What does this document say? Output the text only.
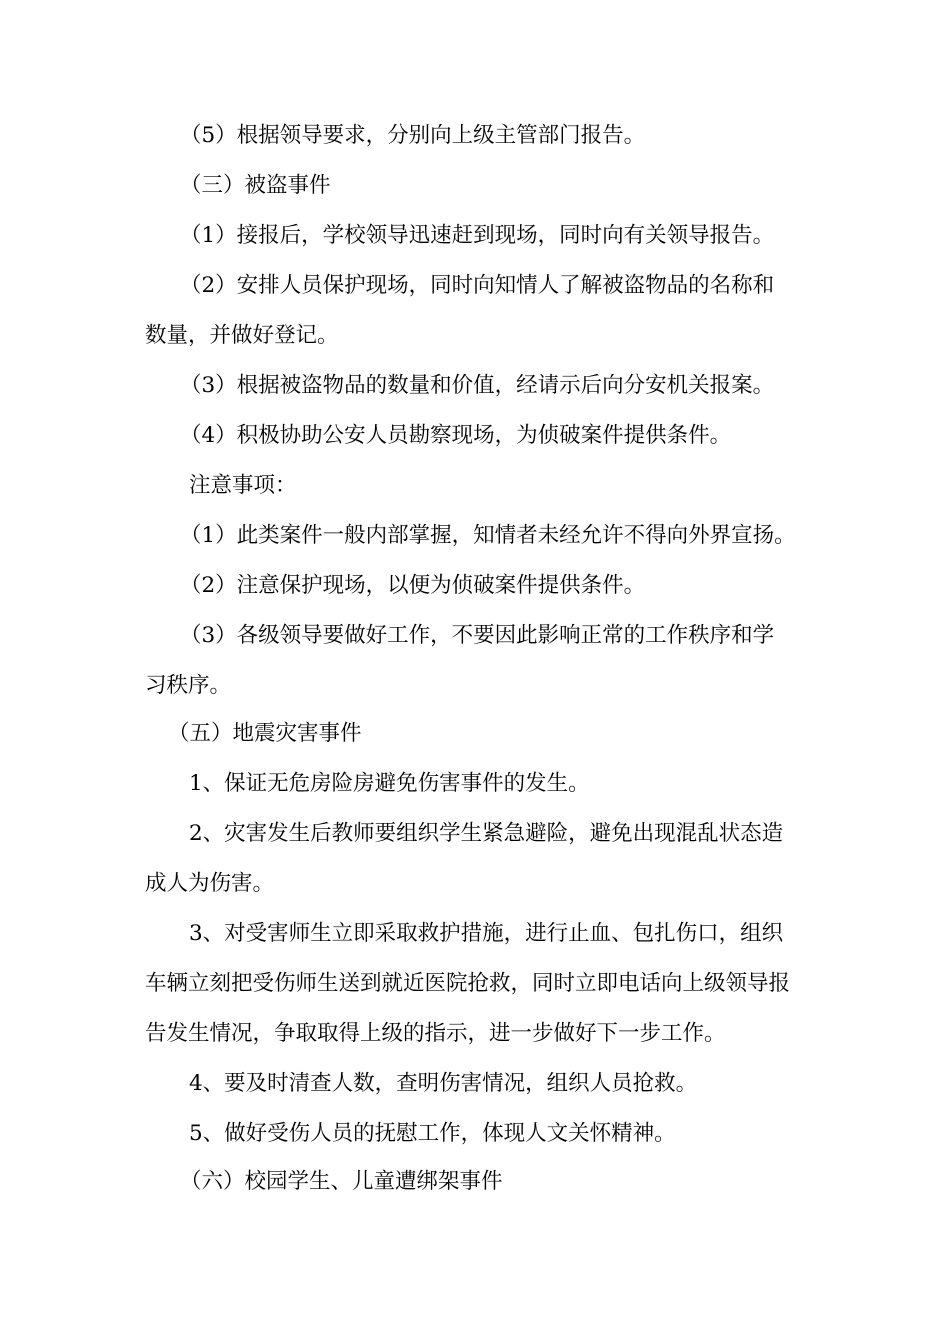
（5）根据领导要求，分别向上级主管部门报告。
（三）被盗事件
（1）接报后，学校领导迅速赶到现场，同时向有关领导报告。
（2）安排人员保护现场，同时向知情人了解被盗物品的名称和
数量，并做好登记。
（3）根据被盗物品的数量和价值，经请示后向分安机关报案。
（4）积极协助公安人员勘察现场，为侦破案件提供条件。
注意事项：
（1）此类案件一般内部掌握，知情者未经允许不得向外界宣扬。
（2）注意保护现场，以便为侦破案件提供条件。
（3）各级领导要做好工作，不要因此影响正常的工作秩序和学
习秩序。
（五）地震灾害事件
1、保证无危房险房避免伤害事件的发生。
2、灾害发生后教师要组织学生紧急避险，避免出现混乱状态造
成人为伤害。
3、对受害师生立即采取救护措施，进行止血、包扎伤口，组织
车辆立刻把受伤师生送到就近医院抢救，同时立即电话向上级领导报
告发生情况，争取取得上级的指示，进一步做好下一步工作。
4、要及时清查人数，查明伤害情况，组织人员抢救。
5、做好受伤人员的抚慰工作，体现人文关怀精神。
（六）校园学生、儿童遭绑架事件
